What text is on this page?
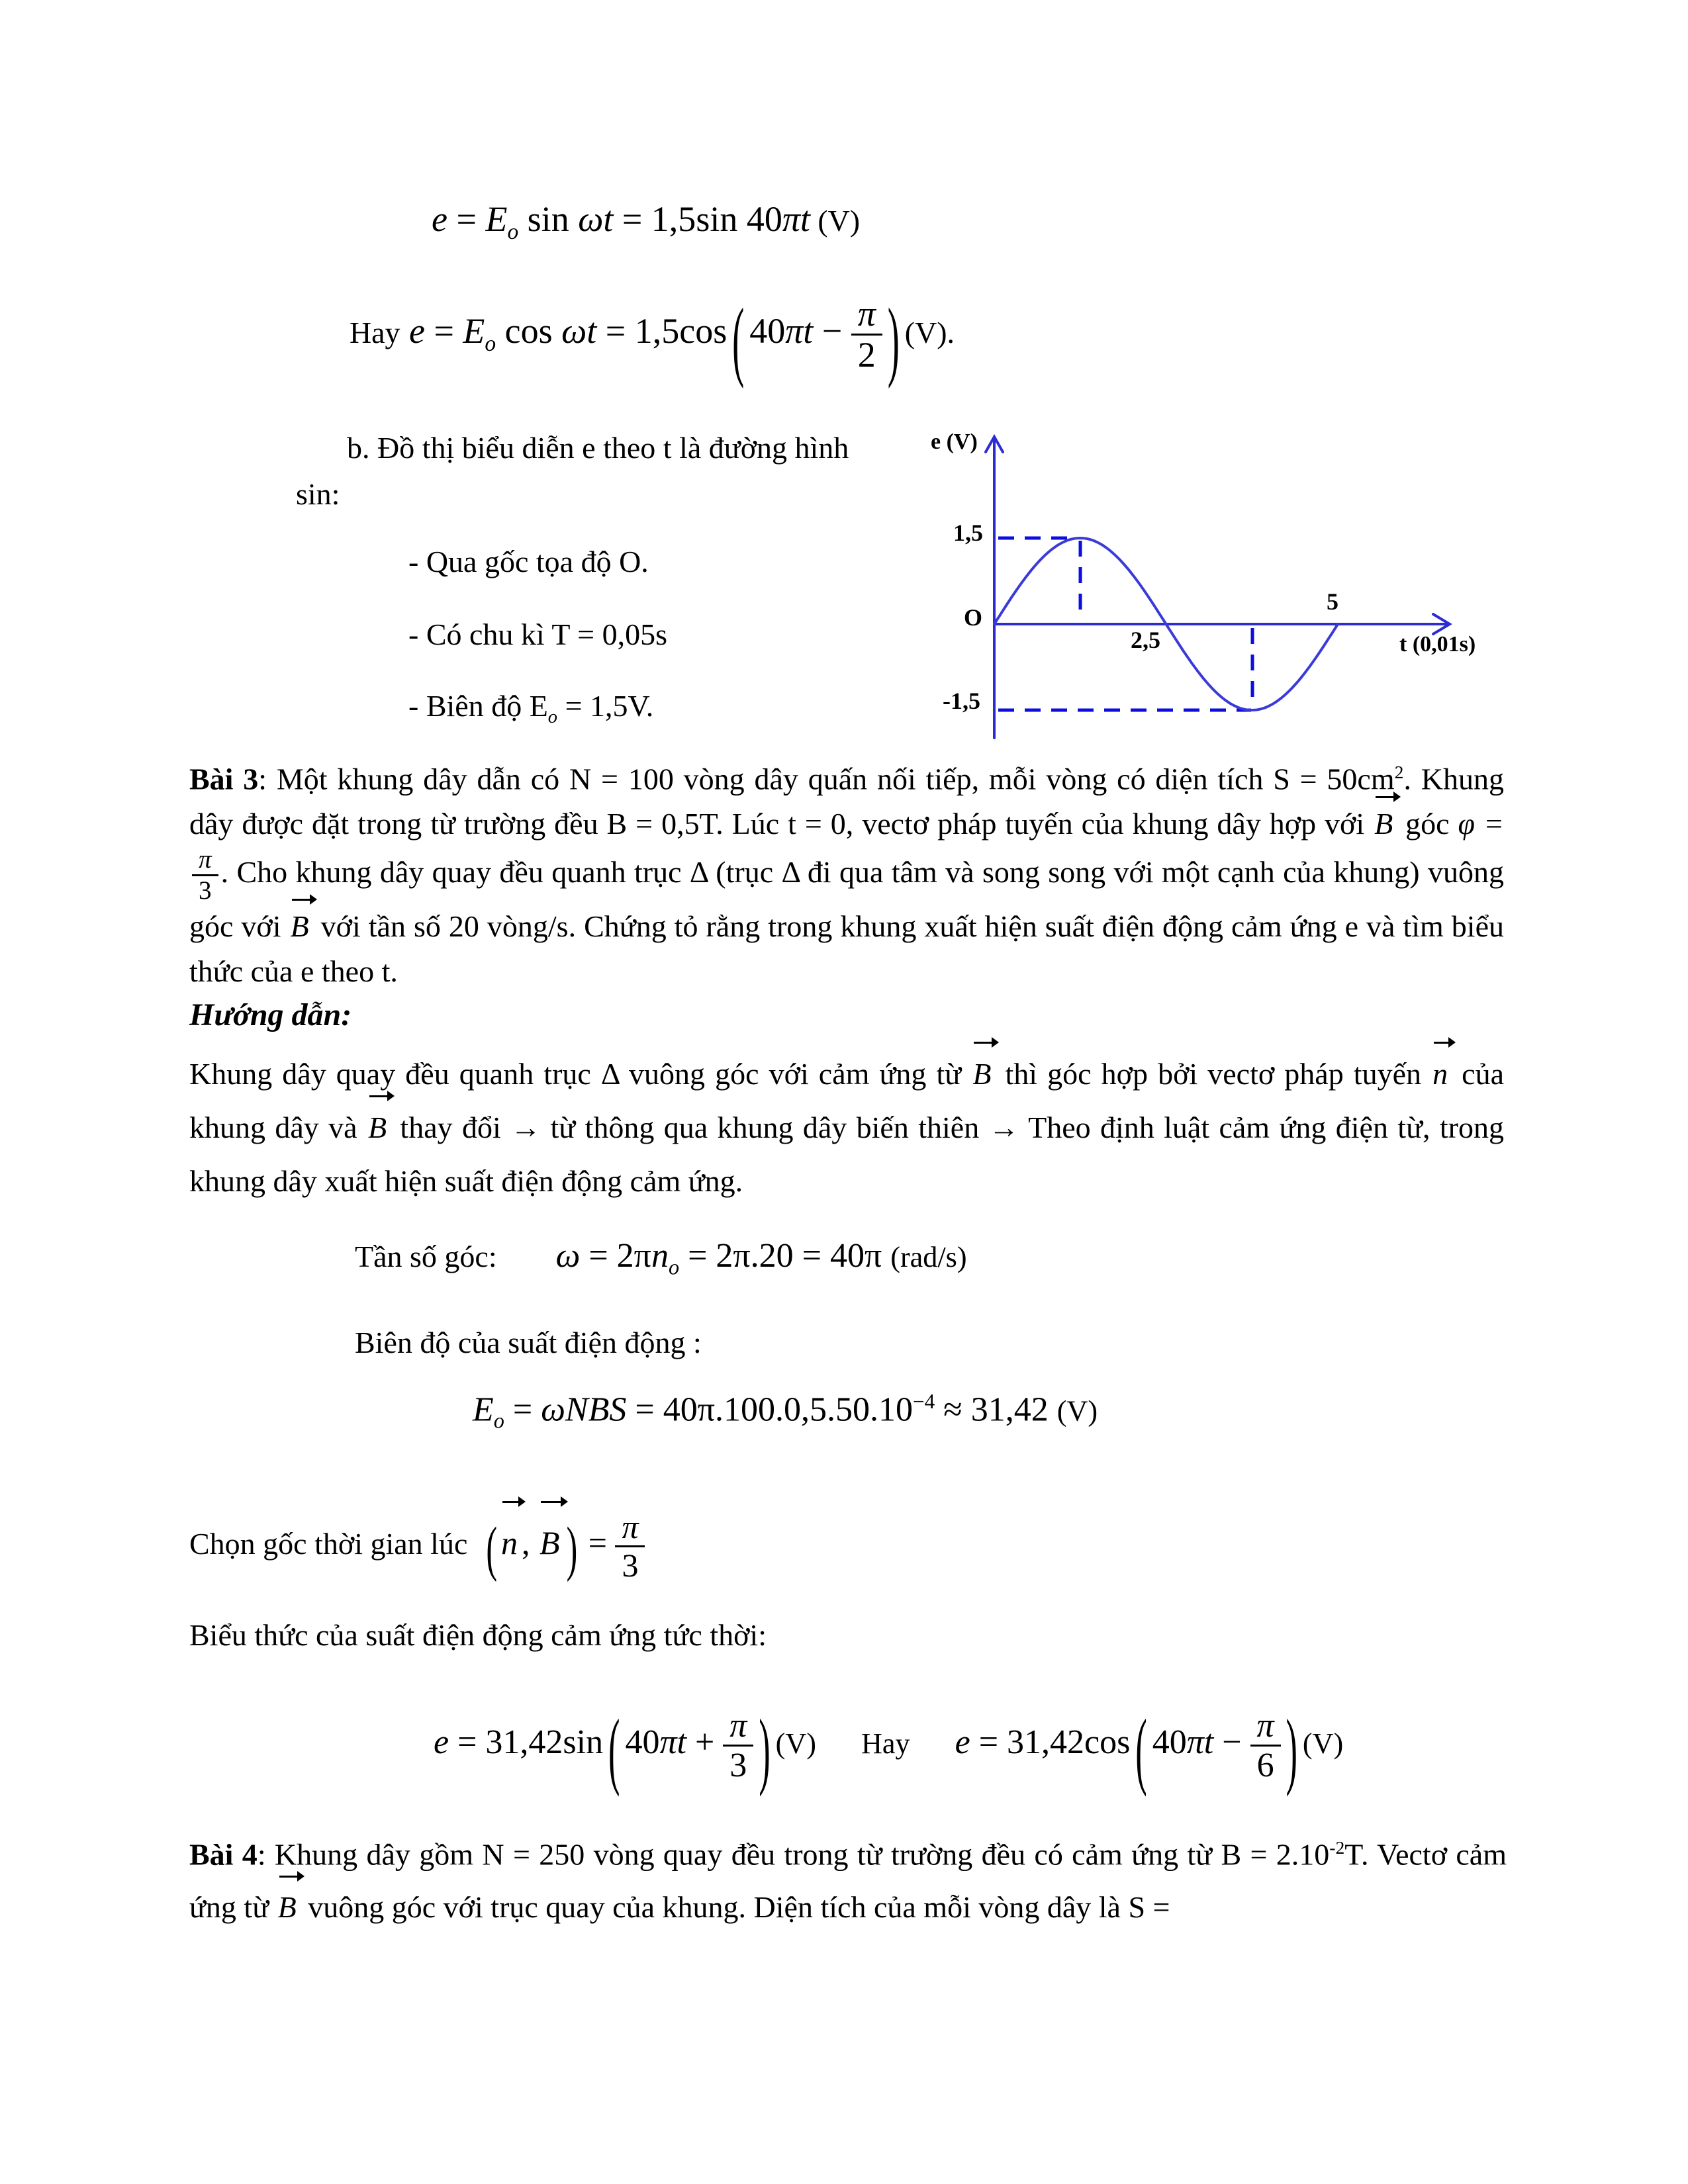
$e = E_o$ sin ωt = 1,5sin 40πt (V)
Hay $e = E_o$ cos ωt = 1,5cos ( $40\pi t - \frac{\pi}{2}$ ) (V).
b. Đồ thị biểu diễn e theo t là đường hình
sin:
- Qua gốc tọa độ O.
- Có chu kì T = 0,05s
- Biên độ $E_o = 1,5V$.
e (V)
1,5
O
2,5
5
-1,5
t (0,01s)
Bài 3: Một khung dây dẫn có N = 100 vòng dây quấn nối tiếp, mỗi vòng có diện tích $S = 50cm^2$. Khung dây được đặt trong từ trường đều B = 0,5T. Lúc t = 0, vectơ pháp tuyến của khung dây hợp với B góc φ =
$\frac{\pi}{3}$ . Cho khung dây quay đều quanh trục Δ (trục Δ đi qua tâm và song song với một cạnh của khung) vuông góc với B với tần số 20 vòng/s. Chứng tỏ rằng trong khung xuất hiện suất điện động cảm ứng e và tìm biểu thức của e theo t.
Hướng dẫn:
Khung dây quay đều quanh trục Δ vuông góc với cảm ứng từ B thì góc hợp bởi vectơ pháp tuyến n của khung dây và B thay đổi → từ thông qua khung dây biến thiên → Theo định luật cảm ứng điện từ, trong khung dây xuất hiện suất điện động cảm ứng.
Tần số góc: $\omega = 2\pi n_o = 2\pi.20 = 40\pi$ (rad/s)
Biên độ của suất điện động :
$E_o = \omega NBS = 40\pi.100.0,5.50.10^{-4} \approx 31,42$ (V)
Chọn gốc thời gian lúc ( n , B ) = $\frac{\pi}{3}$
Biểu thức của suất điện động cảm ứng tức thời:
e = 31,42sin ( $40\pi t + \frac{\pi}{3}$ ) (V) Hay e = 31,42cos ( $40\pi t - \frac{\pi}{6}$ ) (V)
Bài 4: Khung dây gồm N = 250 vòng quay đều trong từ trường đều có cảm ứng từ $B = 2.10^{-2}T$. Vectơ cảm ứng từ B vuông góc với trục quay của khung. Diện tích của mỗi vòng dây là S =
